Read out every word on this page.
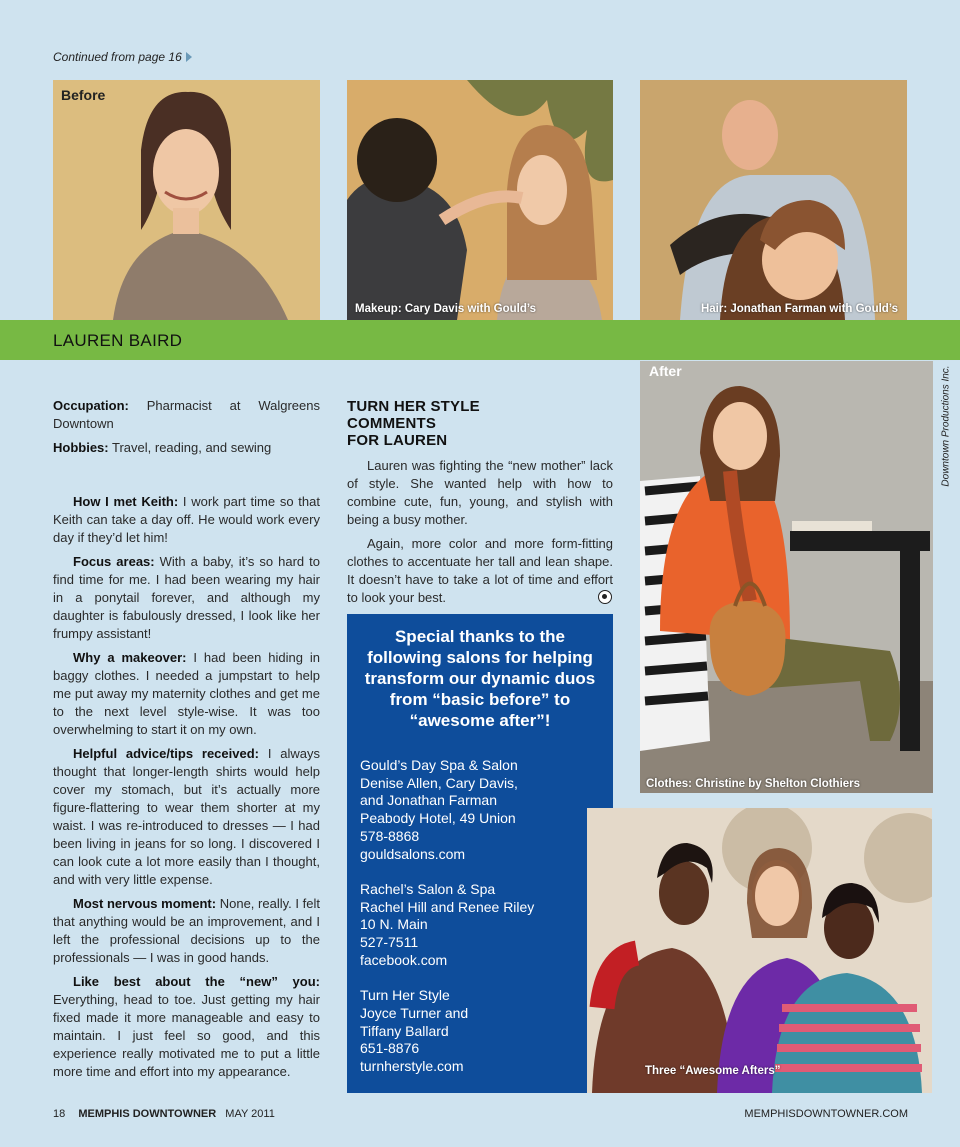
Continued from page 16
Before
Makeup: Cary Davis with Gould’s	Hair: Jonathan Farman with Gould’s
LAUREN BAIRD

Occupation: Pharmacist at Walgreens Downtown

Hobbies: Travel, reading, and sewing

How I met Keith: I work part time so that Keith can take a day off. He would work every day if they’d let him!

Focus areas: With a baby, it’s so hard to find time for me. I had been wearing my hair in a ponytail forever, and although my daughter is fabulously dressed, I look like her frumpy assistant!

Why a makeover: I had been hiding in baggy clothes. I needed a jumpstart to help me put away my maternity clothes and get me to the next level style-wise. It was too overwhelming to start it on my own.

Helpful advice/tips received: I always thought that longer-length shirts would help cover my stomach, but it’s actually more figure-flattering to wear them shorter at my waist. I was re-introduced to dresses — I had been living in jeans for so long. I discovered I can look cute a lot more easily than I thought, and with very little expense.

Most nervous moment: None, really. I felt that anything would be an improvement, and I left the professional decisions up to the professionals — I was in good hands.

Like best about the “new” you: Everything, head to toe. Just getting my hair fixed made it more manageable and easy to maintain. I just feel so good, and this experience really motivated me to put a little more time and effort into my appearance.

TURN HER STYLE
COMMENTS
FOR LAUREN

Lauren was fighting the “new mother” lack of style. She wanted help with how to combine cute, fun, young, and stylish with being a busy mother.

Again, more color and more form-fitting clothes to accentuate her tall and lean shape. It doesn’t have to take a lot of time and effort to look your best.

Special thanks to the following salons for helping transform our dynamic duos from “basic before” to “awesome after”!
Gould’s Day Spa & Salon
Denise Allen, Cary Davis,
and Jonathan Farman
Peabody Hotel, 49 Union
578-8868
gouldsalons.com

Rachel’s Salon & Spa
Rachel Hill and Renee Riley
10 N. Main
527-7511
facebook.com

Turn Her Style
Joyce Turner and
Tiffany Ballard
651-8876
turnherstyle.com
After
Clothes: Christine by Shelton Clothiers
Downtown Productions Inc.
Three “Awesome Afters”
18 MEMPHIS DOWNTOWNER MAY 2011	MEMPHISDOWNTOWNER.COM
